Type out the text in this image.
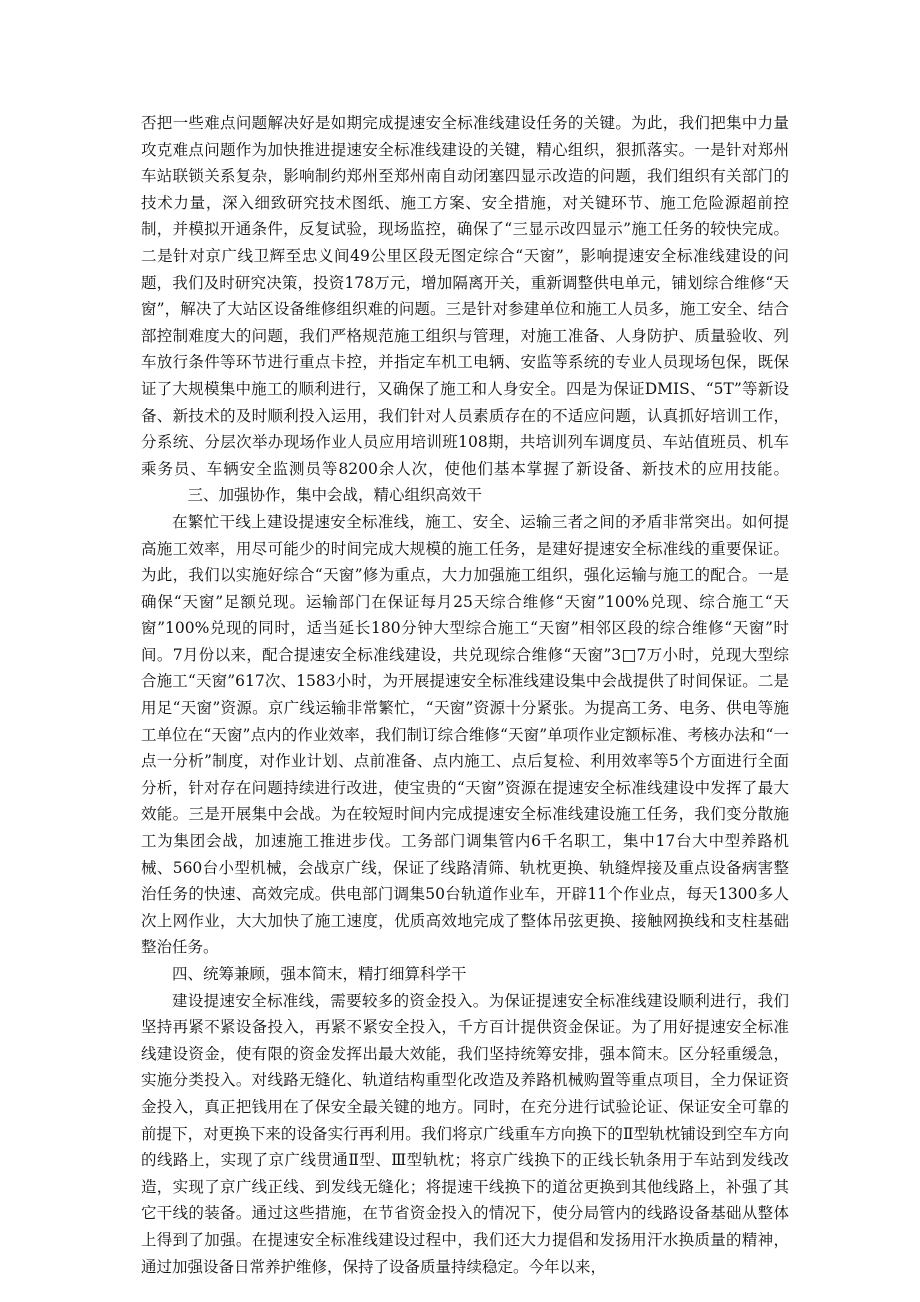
否把一些难点问题解决好是如期完成提速安全标准线建设任务的关键。为此，我们把集中力量攻克难点问题作为加快推进提速安全标准线建设的关键，精心组织，狠抓落实。一是针对郑州车站联锁关系复杂，影响制约郑州至郑州南自动闭塞四显示改造的问题，我们组织有关部门的技术力量，深入细致研究技术图纸、施工方案、安全措施，对关键环节、施工危险源超前控制，并模拟开通条件，反复试验，现场监控，确保了“三显示改四显示”施工任务的较快完成。二是针对京广线卫辉至忠义间49公里区段无图定综合“天窗”，影响提速安全标准线建设的问题，我们及时研究决策，投资178万元，增加隔离开关，重新调整供电单元，铺划综合维修“天窗”，解决了大站区设备维修组织难的问题。三是针对参建单位和施工人员多，施工安全、结合部控制难度大的问题，我们严格规范施工组织与管理，对施工准备、人身防护、质量验收、列车放行条件等环节进行重点卡控，并指定车机工电辆、安监等系统的专业人员现场包保，既保证了大规模集中施工的顺利进行，又确保了施工和人身安全。四是为保证DMIS、“5T”等新设备、新技术的及时顺利投入运用，我们针对人员素质存在的不适应问题，认真抓好培训工作，分系统、分层次举办现场作业人员应用培训班108期，共培训列车调度员、车站值班员、机车乘务员、车辆安全监测员等8200余人次，使他们基本掌握了新设备、新技术的应用技能。三、加强协作，集中会战，精心组织高效干

在繁忙干线上建设提速安全标准线，施工、安全、运输三者之间的矛盾非常突出。如何提高施工效率，用尽可能少的时间完成大规模的施工任务，是建好提速安全标准线的重要保证。为此，我们以实施好综合“天窗”修为重点，大力加强施工组织，强化运输与施工的配合。一是确保“天窗”足额兑现。运输部门在保证每月25天综合维修“天窗”100%兑现、综合施工“天窗”100%兑现的同时，适当延长180分钟大型综合施工“天窗”相邻区段的综合维修“天窗”时间。7月份以来，配合提速安全标准线建设，共兑现综合维修“天窗”3□7万小时，兑现大型综合施工“天窗”617次、1583小时，为开展提速安全标准线建设集中会战提供了时间保证。二是用足“天窗”资源。京广线运输非常繁忙，“天窗”资源十分紧张。为提高工务、电务、供电等施工单位在“天窗”点内的作业效率，我们制订综合维修“天窗”单项作业定额标准、考核办法和“一点一分析”制度，对作业计划、点前准备、点内施工、点后复检、利用效率等5个方面进行全面分析，针对存在问题持续进行改进，使宝贵的“天窗”资源在提速安全标准线建设中发挥了最大效能。三是开展集中会战。为在较短时间内完成提速安全标准线建设施工任务，我们变分散施工为集团会战，加速施工推进步伐。工务部门调集管内6千名职工，集中17台大中型养路机械、560台小型机械，会战京广线，保证了线路清筛、轨枕更换、轨缝焊接及重点设备病害整治任务的快速、高效完成。供电部门调集50台轨道作业车，开辟11个作业点，每天1300多人次上网作业，大大加快了施工速度，优质高效地完成了整体吊弦更换、接触网换线和支柱基础整治任务。

四、统筹兼顾，强本简末，精打细算科学干

建设提速安全标准线，需要较多的资金投入。为保证提速安全标准线建设顺利进行，我们坚持再紧不紧设备投入，再紧不紧安全投入，千方百计提供资金保证。为了用好提速安全标准线建设资金，使有限的资金发挥出最大效能，我们坚持统筹安排，强本简末。区分轻重缓急，实施分类投入。对线路无缝化、轨道结构重型化改造及养路机械购置等重点项目，全力保证资金投入，真正把钱用在了保安全最关键的地方。同时，在充分进行试验论证、保证安全可靠的前提下，对更换下来的设备实行再利用。我们将京广线重车方向换下的Ⅱ型轨枕铺设到空车方向的线路上，实现了京广线贯通Ⅱ型、Ⅲ型轨枕；将京广线换下的正线长轨条用于车站到发线改造，实现了京广线正线、到发线无缝化；将提速干线换下的道岔更换到其他线路上，补强了其它干线的装备。通过这些措施，在节省资金投入的情况下，使分局管内的线路设备基础从整体上得到了加强。在提速安全标准线建设过程中，我们还大力提倡和发扬用汗水换质量的精神，通过加强设备日常养护维修，保持了设备质量持续稳定。今年以来，
